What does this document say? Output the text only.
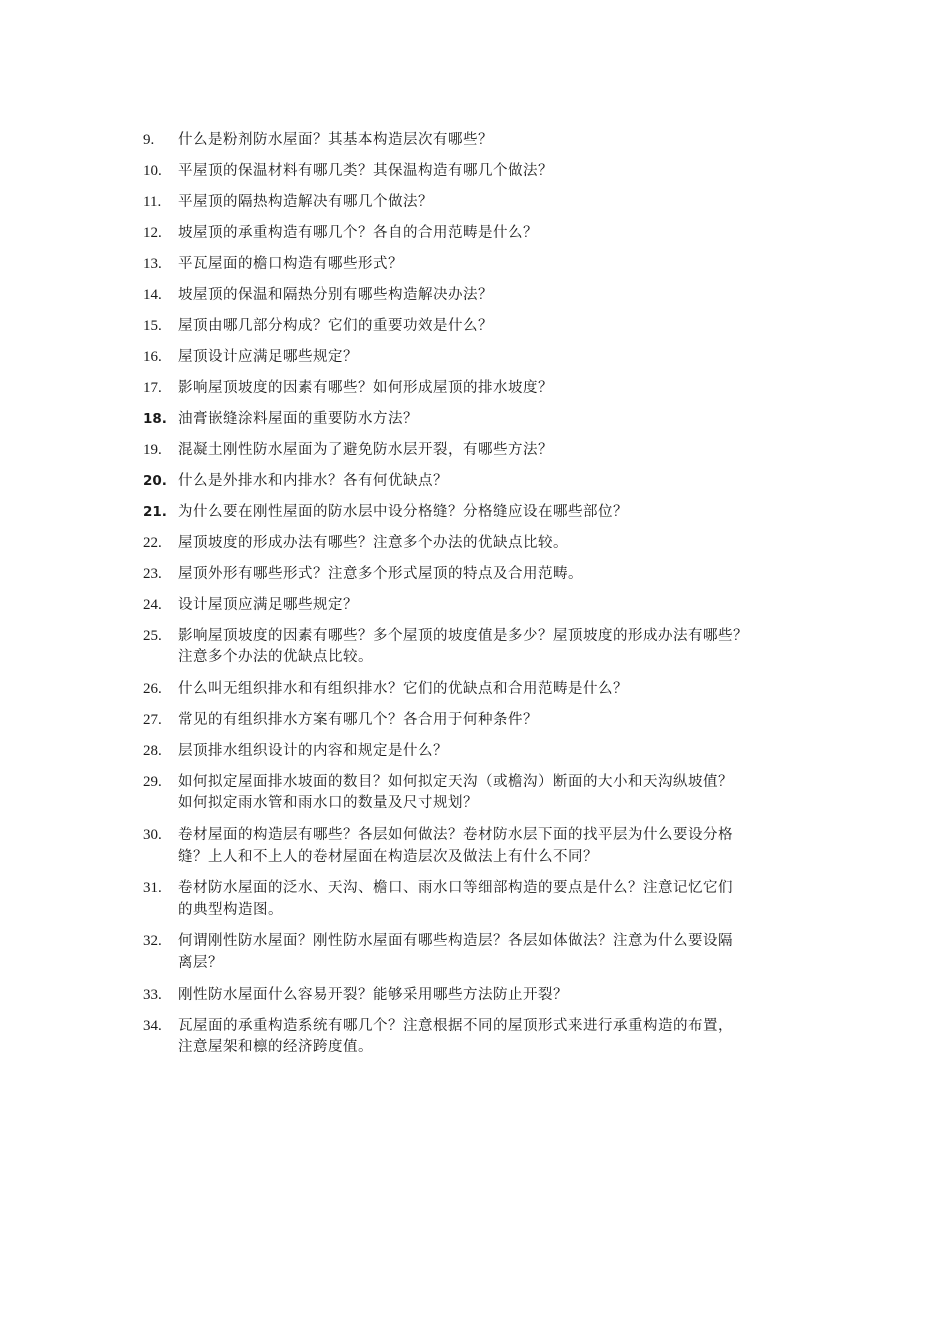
9.	什么是粉剂防水屋面？其基本构造层次有哪些？
10.	平屋顶的保温材料有哪几类？其保温构造有哪几个做法？
11.	平屋顶的隔热构造解决有哪几个做法？
12.	坡屋顶的承重构造有哪几个？各自的合用范畴是什么？
13.	平瓦屋面的檐口构造有哪些形式？
14.	坡屋顶的保温和隔热分别有哪些构造解决办法？
15.	屋顶由哪几部分构成？它们的重要功效是什么？
16.	屋顶设计应满足哪些规定？
17.	影响屋顶坡度的因素有哪些？如何形成屋顶的排水坡度？
18. 油膏嵌缝涂料屋面的重要防水方法？
19.	混凝土刚性防水屋面为了避免防水层开裂，有哪些方法？
20. 什么是外排水和内排水？各有何优缺点？
21. 为什么要在刚性屋面的防水层中设分格缝？分格缝应设在哪些部位？
22.	屋顶坡度的形成办法有哪些？注意多个办法的优缺点比较。
23.	屋顶外形有哪些形式？注意多个形式屋顶的特点及合用范畴。
24.	设计屋顶应满足哪些规定？
25.	影响屋顶坡度的因素有哪些？多个屋顶的坡度值是多少？屋顶坡度的形成办法有哪些？
注意多个办法的优缺点比较。
26.	什么叫无组织排水和有组织排水？它们的优缺点和合用范畴是什么？
27.	常见的有组织排水方案有哪几个？各合用于何种条件？
28.	层顶排水组织设计的内容和规定是什么？
29.	如何拟定屋面排水坡面的数目？如何拟定天沟（或檐沟）断面的大小和天沟纵坡值？
如何拟定雨水管和雨水口的数量及尺寸规划？
30.	卷材屋面的构造层有哪些？各层如何做法？卷材防水层下面的找平层为什么要设分格
缝？上人和不上人的卷材屋面在构造层次及做法上有什么不同？
31.	卷材防水屋面的泛水、天沟、檐口、雨水口等细部构造的要点是什么？注意记忆它们
的典型构造图。
32.	何谓刚性防水屋面？刚性防水屋面有哪些构造层？各层如体做法？注意为什么要设隔
离层？
33.	刚性防水屋面什么容易开裂？能够采用哪些方法防止开裂？
34.	瓦屋面的承重构造系统有哪几个？注意根据不同的屋顶形式来进行承重构造的布置，
注意屋架和檩的经济跨度值。
